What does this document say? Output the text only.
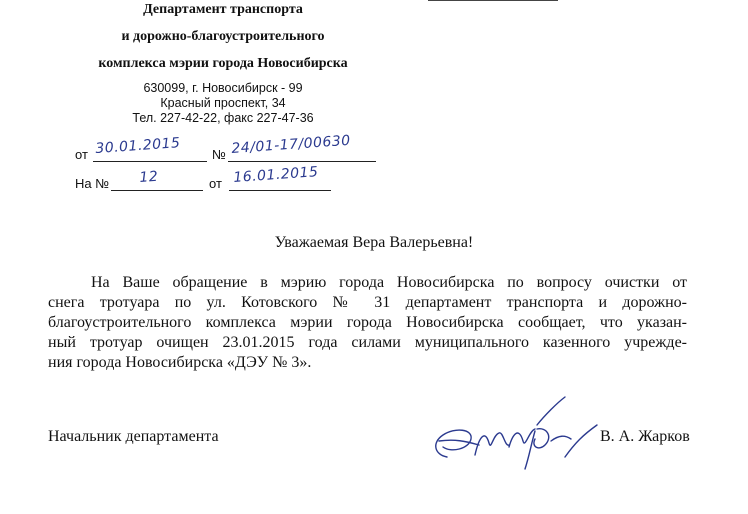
Департамент транспорта
и дорожно-благоустроительного
комплекса мэрии города Новосибирска
630099, г. Новосибирск - 99
Красный проспект, 34
Тел. 227-42-22, факс 227-47-36
от 30.01.2015 № 24/01-17/00630
На № 12	от 16.01.2015
Уважаемая Вера Валерьевна!
На Ваше обращение в мэрию города Новосибирска по вопросу очистки от
снега тротуара по ул. Котовского № 31 департамент транспорта и дорожно-
благоустроительного комплекса мэрии города Новосибирска сообщает, что указан-
ный тротуар очищен 23.01.2015 года силами муниципального казенного учрежде-
ния города Новосибирска «ДЭУ № 3».
Начальник департамента	В. А. Жарков
